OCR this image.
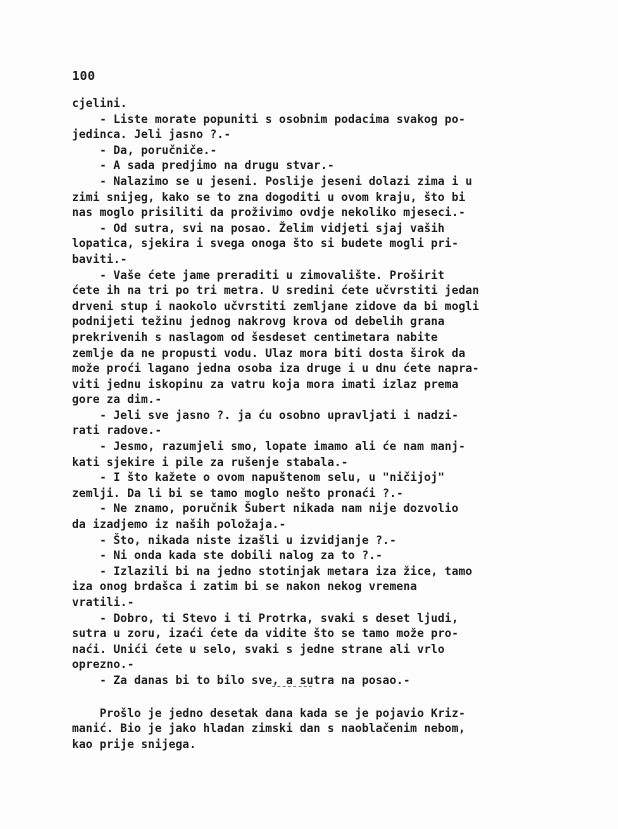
100
cjelini.
- Liste morate popuniti s osobnim podacima svakog po-
jedinca. Jeli jasno ?.-
- Da, poručniče.-
- A sada predjimo na drugu stvar.-
- Nalazimo se u jeseni. Poslije jeseni dolazi zima i u
zimi snijeg, kako se to zna dogoditi u ovom kraju, što bi
nas moglo prisiliti da proživimo ovdje nekoliko mjeseci.-
- Od sutra, svi na posao. Želim vidjeti sjaj vaših
lopatica, sjekira i svega onoga što si budete mogli pri-
baviti.-
- Vaše ćete jame preraditi u zimovalište. Proširit
ćete ih na tri po tri metra. U sredini ćete učvrstiti jedan
drveni stup i naokolo učvrstiti zemljane zidove da bi mogli
podnijeti težinu jednog nakrovg krova od debelih grana
prekrivenih s naslagom od šesdeset centimetara nabite
zemlje da ne propusti vodu. Ulaz mora biti dosta širok da
može proći lagano jedna osoba iza druge i u dnu ćete napra-
viti jednu iskopinu za vatru koja mora imati izlaz prema
gore za dim.-
- Jeli sve jasno ?. ja ću osobno upravljati i nadzi-
rati radove.-
- Jesmo, razumjeli smo, lopate imamo ali će nam manj-
kati sjekire i pile za rušenje stabala.-
- I što kažete o ovom napuštenom selu, u "ničijoj"
zemlji. Da li bi se tamo moglo nešto pronaći ?.-
- Ne znamo, poručnik Šubert nikada nam nije dozvolio
da izadjemo iz naših položaja.-
- Što, nikada niste izašli u izvidjanje ?.-
- Ni onda kada ste dobili nalog za to ?.-
- Izlazili bi na jedno stotinjak metara iza žice, tamo
iza onog brdašca i zatim bi se nakon nekog vremena
vratili.-
- Dobro, ti Stevo i ti Protrka, svaki s deset ljudi,
sutra u zoru, izaći ćete da vidite što se tamo može pro-
naći. Unići ćete u selo, svaki s jedne strane ali vrlo
oprezno.-
- Za danas bi to bilo sve, a sutra na posao.-
Prošlo je jedno desetak dana kada se je pojavio Kriz-
manić. Bio je jako hladan zimski dan s naoblačenim nebom,
kao prije snijega.
